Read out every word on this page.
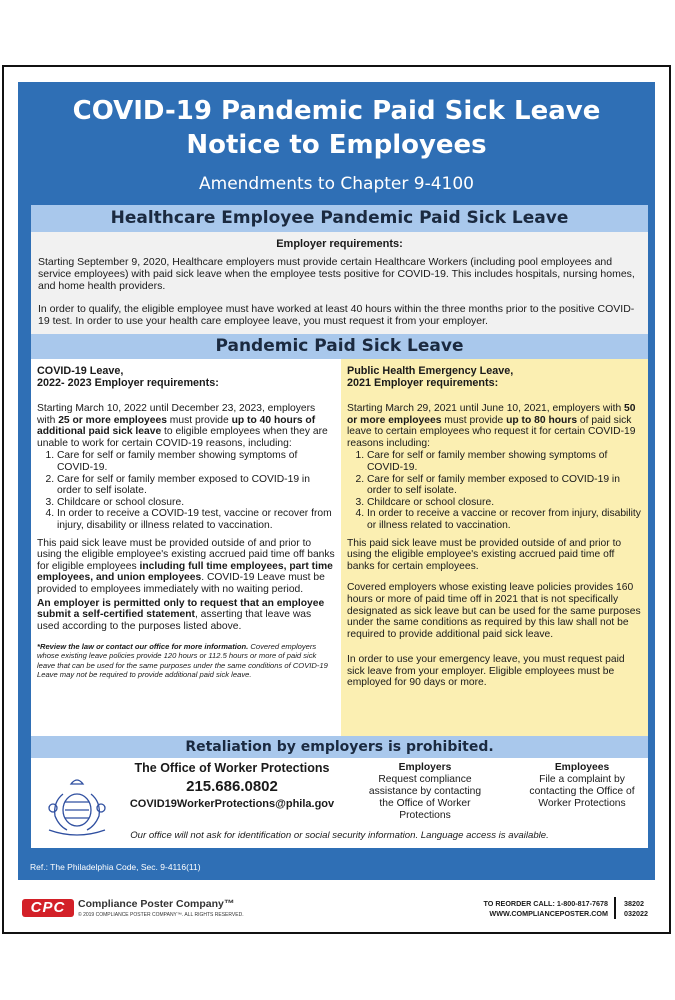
COVID-19 Pandemic Paid Sick Leave
Notice to Employees
Amendments to Chapter 9-4100
Healthcare Employee Pandemic Paid Sick Leave
Employer requirements:

Starting September 9, 2020, Healthcare employers must provide certain Healthcare Workers (including pool employees and service employees) with paid sick leave when the employee tests positive for COVID-19. This includes hospitals, nursing homes, and home health providers.

In order to qualify, the eligible employee must have worked at least 40 hours within the three months prior to the positive COVID-19 test. In order to use your health care employee leave, you must request it from your employer.

Pandemic Paid Sick Leave
COVID-19 Leave,
2022- 2023 Employer requirements:

Starting March 10, 2022 until December 23, 2023, employers with 25 or more employees must provide up to 40 hours of additional paid sick leave to eligible employees when they are unable to work for certain COVID-19 reasons, including:

1. Care for self or family member showing symptoms of COVID-19.
2. Care for self or family member exposed to COVID-19 in order to self isolate.
3. Childcare or school closure.
4. In order to receive a COVID-19 test, vaccine or recover from injury, disability or illness related to vaccination.

This paid sick leave must be provided outside of and prior to using the eligible employee's existing accrued paid time off banks for eligible employees including full time employees, part time employees, and union employees. COVID-19 Leave must be provided to employees immediately with no waiting period.

An employer is permitted only to request that an employee submit a self-certified statement, asserting that leave was used according to the purposes listed above.

*Review the law or contact our office for more information. Covered employers whose existing leave policies provide 120 hours or 112.5 hours or more of paid sick leave that can be used for the same purposes under the same conditions of COVID-19 Leave may not be required to provide additional paid sick leave.
Public Health Emergency Leave,
2021 Employer requirements:

Starting March 29, 2021 until June 10, 2021, employers with 50 or more employees must provide up to 80 hours of paid sick leave to certain employees who request it for certain COVID-19 reasons including:

1. Care for self or family member showing symptoms of COVID-19.
2. Care for self or family member exposed to COVID-19 in order to self isolate.
3. Childcare or school closure.
4. In order to receive a vaccine or recover from injury, disability or illness related to vaccination.

This paid sick leave must be provided outside of and prior to using the eligible employee's existing accrued paid time off banks for certain employees.

Covered employers whose existing leave policies provides 160 hours or more of paid time off in 2021 that is not specifically designated as sick leave but can be used for the same purposes under the same conditions as required by this law shall not be required to provide additional paid sick leave.

In order to use your emergency leave, you must request paid sick leave from your employer. Eligible employees must be employed for 90 days or more.

Retaliation by employers is prohibited.
The Office of Worker Protections
215.686.0802
COVID19WorkerProtections@phila.gov
Employers
Request compliance assistance by contacting the Office of Worker Protections
Employees
File a complaint by contacting the Office of Worker Protections
Our office will not ask for identification or social security information. Language access is available.
Ref.: The Philadelphia Code, Sec. 9-4116(11)
CPC	Compliance Poster Company™
© 2019 COMPLIANCE POSTER COMPANY™. ALL RIGHTS RESERVED.
TO REORDER CALL: 1-800-817-7678
WWW.COMPLIANCEPOSTER.COM
38202
032022
